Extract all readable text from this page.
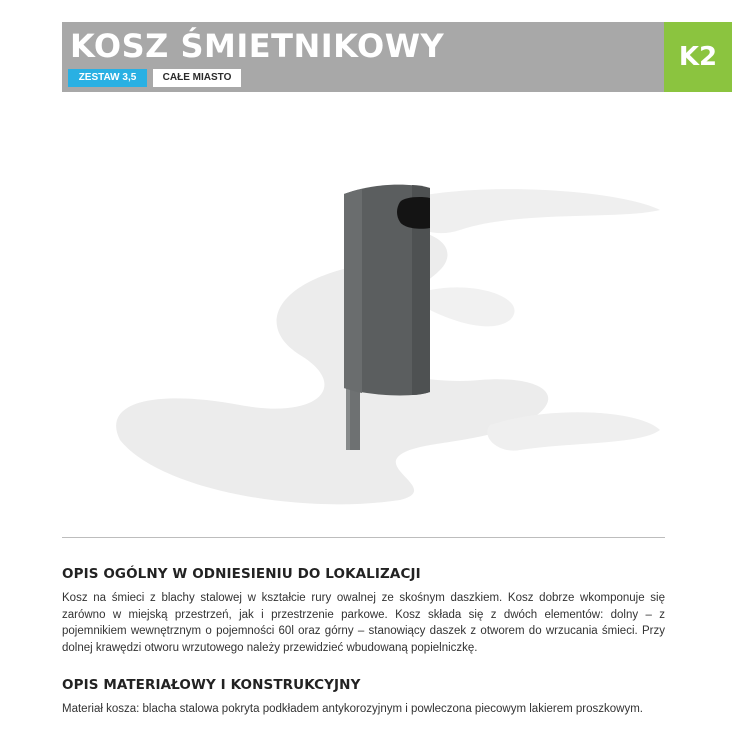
KOSZ ŚMIETNIKOWY
ZESTAW 3,5	CAŁE MIASTO
K2
OPIS OGÓLNY W ODNIESIENIU DO LOKALIZACJI

Kosz na śmieci z blachy stalowej w kształcie rury owalnej ze skośnym daszkiem. Kosz dobrze wkomponuje się zarówno w miejską przestrzeń, jak i przestrzenie parkowe. Kosz składa się z dwóch elementów: dolny – z pojemnikiem wewnętrznym o pojemności 60l oraz górny – stanowiący daszek z otworem do wrzucania śmieci. Przy dolnej krawędzi otworu wrzutowego należy przewidzieć wbudowaną popielniczkę.

OPIS MATERIAŁOWY I KONSTRUKCYJNY

Materiał kosza: blacha stalowa pokryta podkładem antykorozyjnym i powleczona piecowym lakierem proszkowym.
